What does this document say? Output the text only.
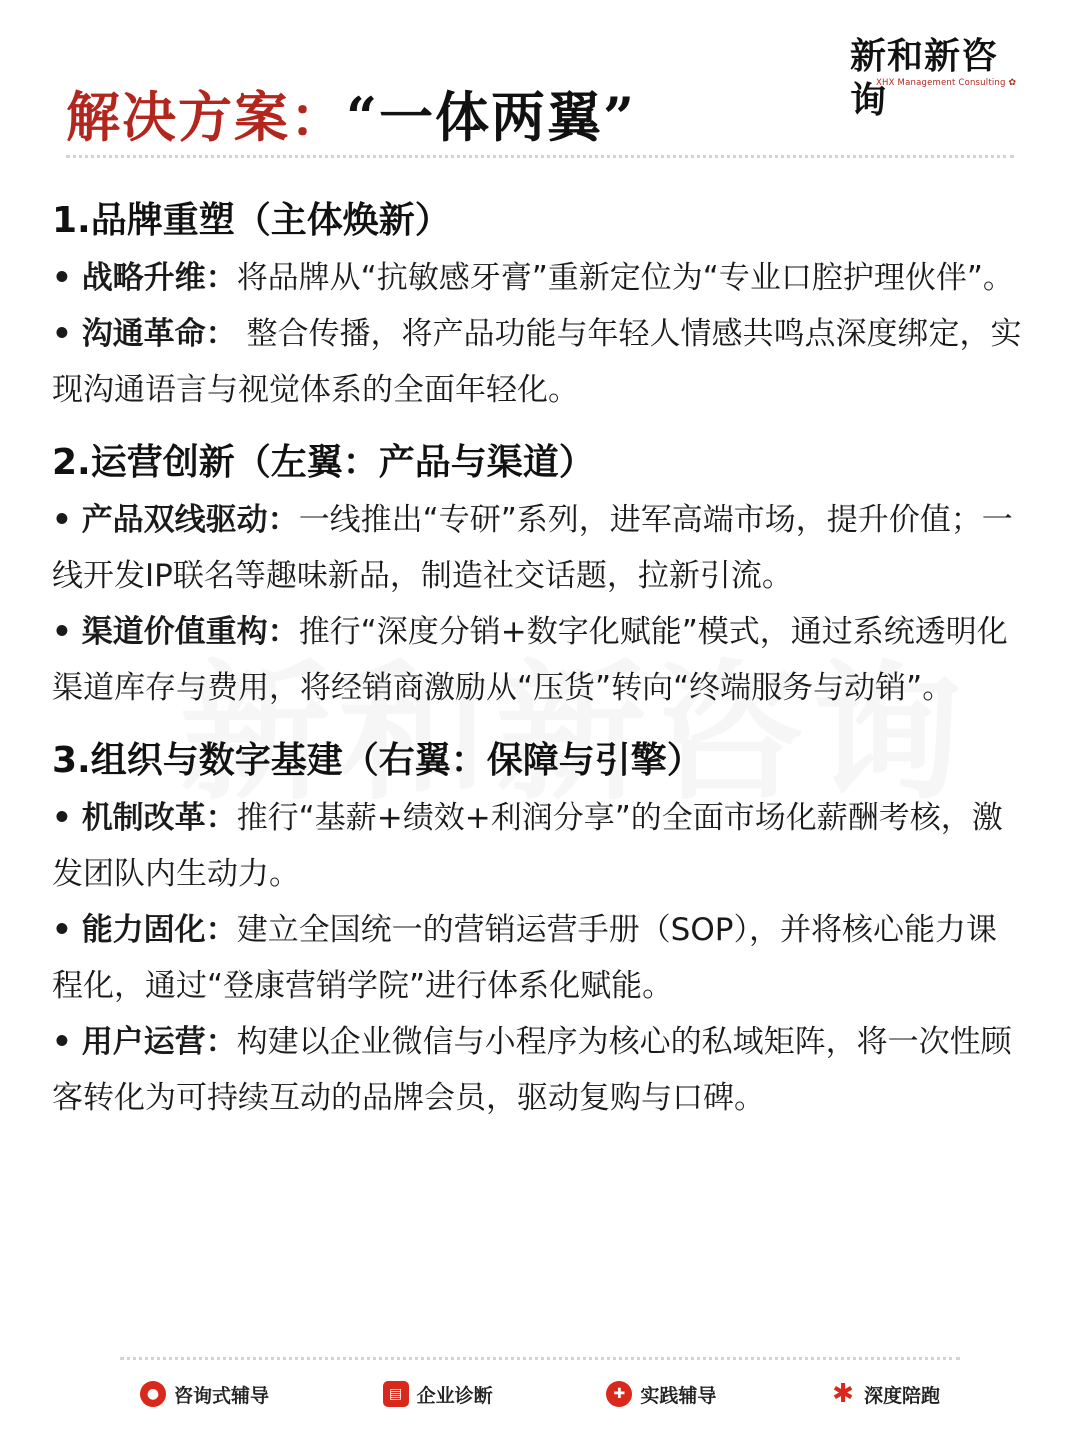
新和新咨询
XHX Management Consulting ✿
解决方案： “一体两翼”
1.品牌重塑（主体焕新）
• 战略升维：将品牌从“抗敏感牙膏”重新定位为“专业口腔护理伙伴”。
• 沟通革命： 整合传播，将产品功能与年轻人情感共鸣点深度绑定，实现沟通语言与视觉体系的全面年轻化。
2.运营创新（左翼：产品与渠道）
• 产品双线驱动：一线推出“专研”系列，进军高端市场，提升价值；一线开发IP联名等趣味新品，制造社交话题，拉新引流。
• 渠道价值重构：推行“深度分销+数字化赋能”模式，通过系统透明化渠道库存与费用，将经销商激励从“压货”转向“终端服务与动销”。
3.组织与数字基建（右翼：保障与引擎）
• 机制改革：推行“基薪+绩效+利润分享”的全面市场化薪酬考核，激发团队内生动力。
• 能力固化：建立全国统一的营销运营手册（SOP），并将核心能力课程化，通过“登康营销学院”进行体系化赋能。
• 用户运营：构建以企业微信与小程序为核心的私域矩阵，将一次性顾客转化为可持续互动的品牌会员，驱动复购与口碑。
● 咨询式辅导	▤ 企业诊断	✚ 实践辅导	✱ 深度陪跑
